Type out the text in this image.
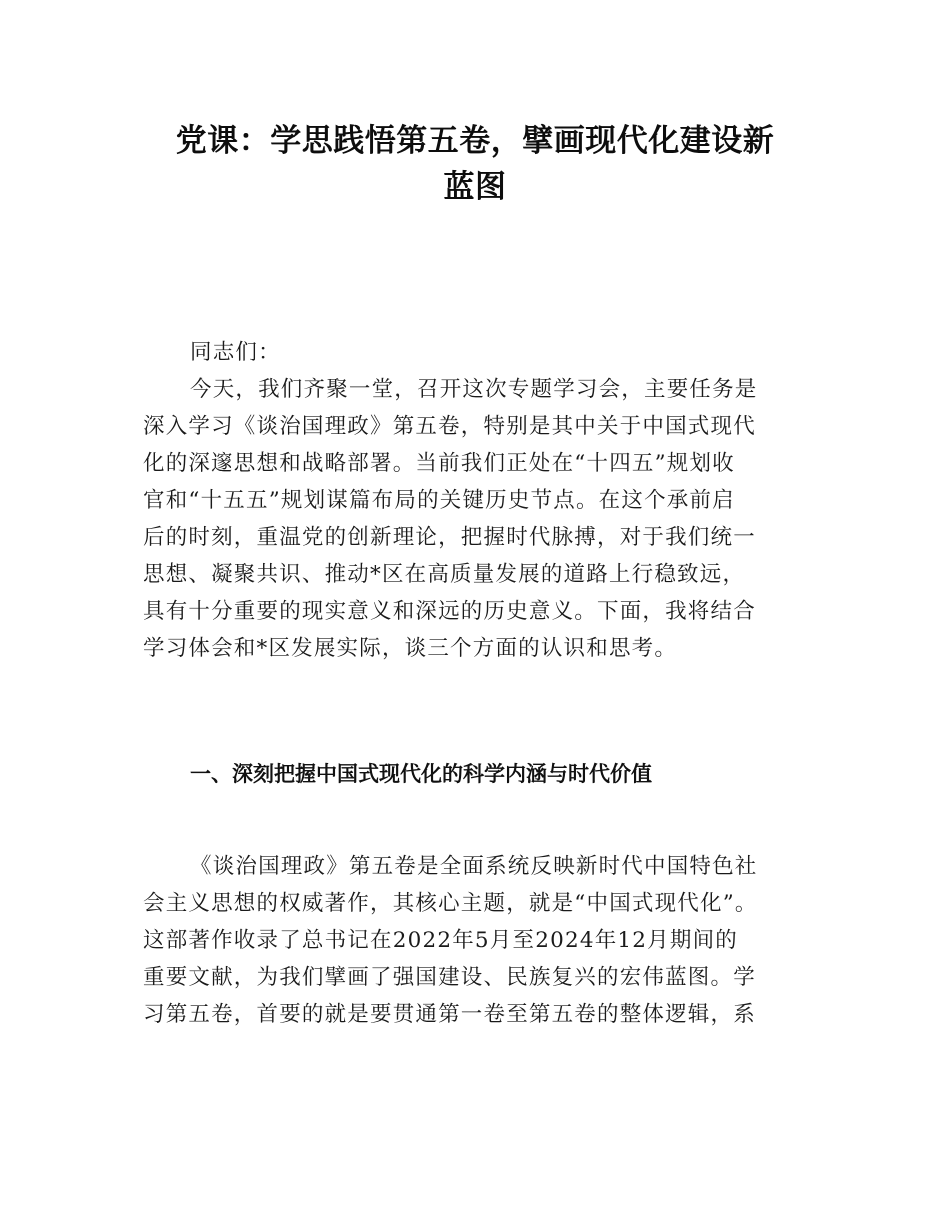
党课：学思践悟第五卷，擘画现代化建设新
蓝图
同志们：
今天，我们齐聚一堂，召开这次专题学习会，主要任务是
深入学习《谈治国理政》第五卷，特别是其中关于中国式现代
化的深邃思想和战略部署。当前我们正处在“十四五”规划收
官和“十五五”规划谋篇布局的关键历史节点。在这个承前启
后的时刻，重温党的创新理论，把握时代脉搏，对于我们统一
思想、凝聚共识、推动*区在高质量发展的道路上行稳致远，
具有十分重要的现实意义和深远的历史意义。下面，我将结合
学习体会和*区发展实际，谈三个方面的认识和思考。
一、深刻把握中国式现代化的科学内涵与时代价值
《谈治国理政》第五卷是全面系统反映新时代中国特色社
会主义思想的权威著作，其核心主题，就是“中国式现代化”。
这部著作收录了总书记在2022年5月至2024年12月期间的
重要文献，为我们擘画了强国建设、民族复兴的宏伟蓝图。学
习第五卷，首要的就是要贯通第一卷至第五卷的整体逻辑，系
